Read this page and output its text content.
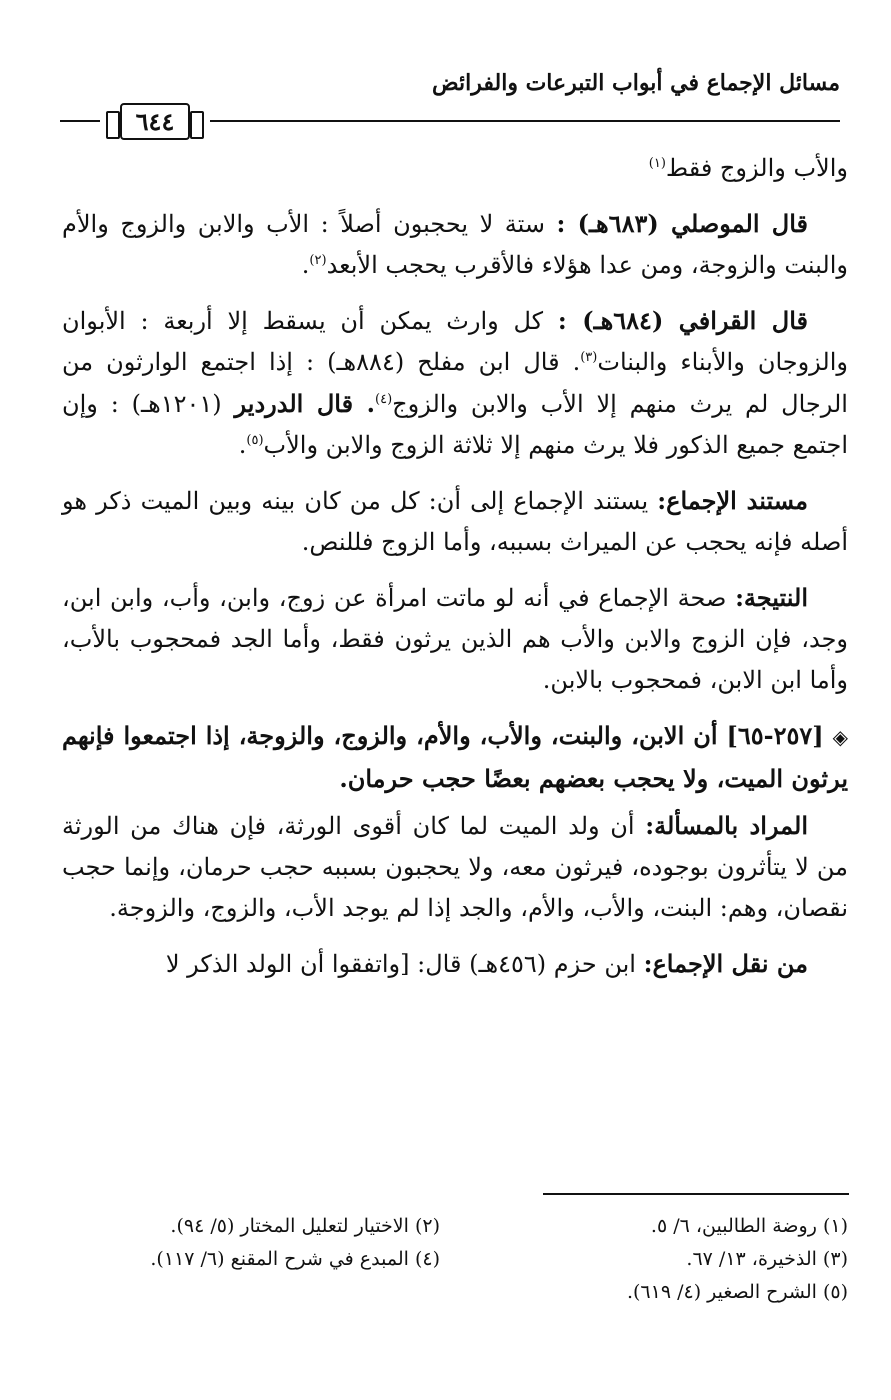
مسائل الإجماع في أبواب التبرعات والفرائض
٦٤٤

والأب والزوج فقط$^{(١)}$

قال الموصلي (٦٨٣هـ) : ستة لا يحجبون أصلاً : الأب والابن والزوج والأم والبنت والزوجة، ومن عدا هؤلاء فالأقرب يحجب الأبعد$^{(٢)}$.

قال القرافي (٦٨٤هـ) : كل وارث يمكن أن يسقط إلا أربعة : الأبوان والزوجان والأبناء والبنات$^{(٣)}$. قال ابن مفلح (٨٨٤هـ) : إذا اجتمع الوارثون من الرجال لم يرث منهم إلا الأب والابن والزوج$^{(٤)}$. قال الدردير (١٢٠١هـ) : وإن اجتمع جميع الذكور فلا يرث منهم إلا ثلاثة الزوج والابن والأب$^{(٥)}$.

مستند الإجماع: يستند الإجماع إلى أن: كل من كان بينه وبين الميت ذكر هو أصله فإنه يحجب عن الميراث بسببه، وأما الزوج فللنص.

النتيجة: صحة الإجماع في أنه لو ماتت امرأة عن زوج، وابن، وأب، وابن ابن، وجد، فإن الزوج والابن والأب هم الذين يرثون فقط، وأما الجد فمحجوب بالأب، وأما ابن الابن، فمحجوب بالابن.

◈ [٢٥٧-٦٥] أن الابن، والبنت، والأب، والأم، والزوج، والزوجة، إذا اجتمعوا فإنهم يرثون الميت، ولا يحجب بعضهم بعضًا حجب حرمان.

المراد بالمسألة: أن ولد الميت لما كان أقوى الورثة، فإن هناك من الورثة من لا يتأثرون بوجوده، فيرثون معه، ولا يحجبون بسببه حجب حرمان، وإنما حجب نقصان، وهم: البنت، والأب، والأم، والجد إذا لم يوجد الأب، والزوج، والزوجة.

من نقل الإجماع: ابن حزم (٤٥٦هـ) قال: [واتفقوا أن الولد الذكر لا

(١) روضة الطالبين، ٦/ ٥.
(٢) الاختيار لتعليل المختار (٥/ ٩٤).
(٣) الذخيرة، ١٣/ ٦٧.
(٤) المبدع في شرح المقنع (٦/ ١١٧).
(٥) الشرح الصغير (٤/ ٦١٩).
